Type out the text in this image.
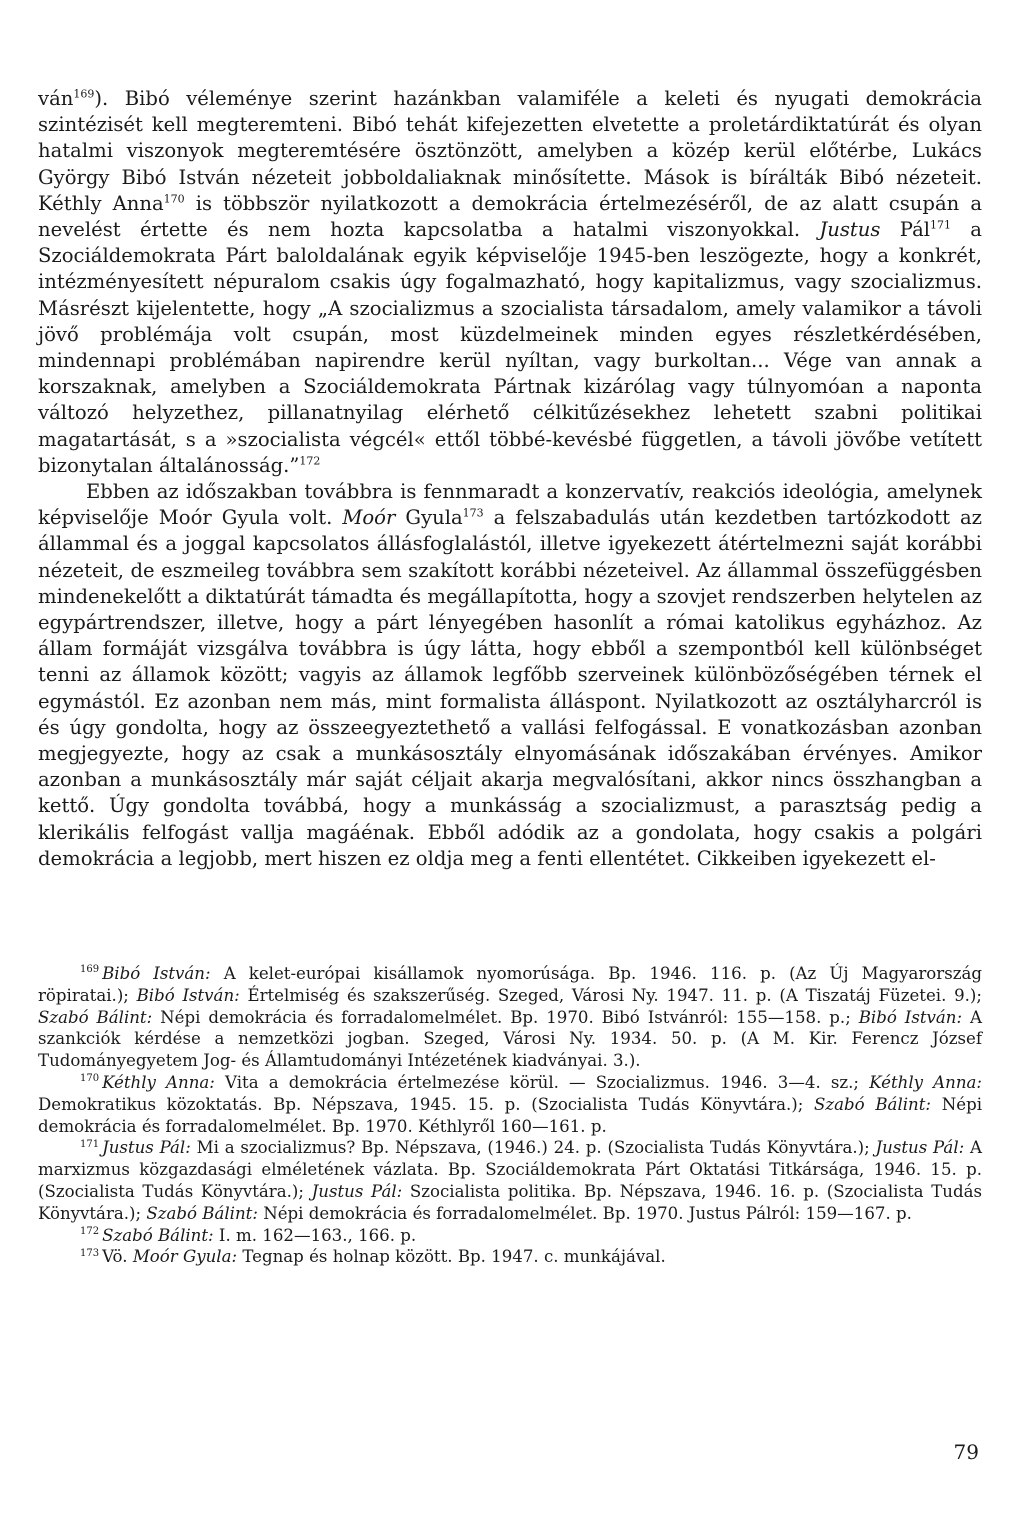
ván$^{169}$). Bibó véleménye szerint hazánkban valamiféle a keleti és nyugati demokrácia szintézisét kell megteremteni. Bibó tehát kifejezetten elvetette a proletárdiktatúrát és olyan hatalmi viszonyok megteremtésére ösztönzött, amelyben a közép kerül előtérbe, Lukács György Bibó István nézeteit jobboldaliaknak minősítette. Mások is bírálták Bibó nézeteit. Kéthly Anna$^{170}$ is többször nyilatkozott a demokrácia értelmezéséről, de az alatt csupán a nevelést értette és nem hozta kapcsolatba a hatalmi viszonyokkal. Justus Pál$^{171}$ a Szociáldemokrata Párt baloldalának egyik képviselője 1945-ben leszögezte, hogy a konkrét, intézményesített népuralom csakis úgy fogalmazható, hogy kapitalizmus, vagy szocializmus. Másrészt kijelentette, hogy „A szocializmus a szocialista társadalom, amely valamikor a távoli jövő problémája volt csupán, most küzdelmeinek minden egyes részletkérdésében, mindennapi problémában napirendre kerül nyíltan, vagy burkoltan... Vége van annak a korszaknak, amelyben a Szociáldemokrata Pártnak kizárólag vagy túlnyomóan a naponta változó helyzethez, pillanatnyilag elérhető célkitűzésekhez lehetett szabni politikai magatartását, s a »szocialista végcél« ettől többé-kevésbé független, a távoli jövőbe vetített bizonytalan általánosság.”$^{172}$

Ebben az időszakban továbbra is fennmaradt a konzervatív, reakciós ideológia, amelynek képviselője Moór Gyula volt. Moór Gyula$^{173}$ a felszabadulás után kezdetben tartózkodott az állammal és a joggal kapcsolatos állásfoglalástól, illetve igyekezett átértelmezni saját korábbi nézeteit, de eszmeileg továbbra sem szakított korábbi nézeteivel. Az állammal összefüggésben mindenekelőtt a diktatúrát támadta és megállapította, hogy a szovjet rendszerben helytelen az egypártrendszer, illetve, hogy a párt lényegében hasonlít a római katolikus egyházhoz. Az állam formáját vizsgálva továbbra is úgy látta, hogy ebből a szempontból kell különbséget tenni az államok között; vagyis az államok legfőbb szerveinek különbözőségében térnek el egymástól. Ez azonban nem más, mint formalista álláspont. Nyilatkozott az osztályharcról is és úgy gondolta, hogy az összeegyeztethető a vallási felfogással. E vonatkozásban azonban megjegyezte, hogy az csak a munkásosztály elnyomásának időszakában érvényes. Amikor azonban a munkásosztály már saját céljait akarja megvalósítani, akkor nincs összhangban a kettő. Úgy gondolta továbbá, hogy a munkásság a szocializmust, a parasztság pedig a klerikális felfogást vallja magáénak. Ebből adódik az a gondolata, hogy csakis a polgári demokrácia a legjobb, mert hiszen ez oldja meg a fenti ellentétet. Cikkeiben igyekezett el-

$^{169}$ Bibó István: A kelet-európai kisállamok nyomorúsága. Bp. 1946. 116. p. (Az Új Magyarország röpiratai.); Bibó István: Értelmiség és szakszerűség. Szeged, Városi Ny. 1947. 11. p. (A Tiszatáj Füzetei. 9.); Szabó Bálint: Népi demokrácia és forradalomelmélet. Bp. 1970. Bibó Istvánról: 155—158. p.; Bibó István: A szankciók kérdése a nemzetközi jogban. Szeged, Városi Ny. 1934. 50. p. (A M. Kir. Ferencz József Tudományegyetem Jog- és Államtudományi Intézetének kiadványai. 3.).

$^{170}$ Kéthly Anna: Vita a demokrácia értelmezése körül. — Szocializmus. 1946. 3—4. sz.; Kéthly Anna: Demokratikus közoktatás. Bp. Népszava, 1945. 15. p. (Szocialista Tudás Könyvtára.); Szabó Bálint: Népi demokrácia és forradalomelmélet. Bp. 1970. Kéthlyről 160—161. p.

$^{171}$ Justus Pál: Mi a szocializmus? Bp. Népszava, (1946.) 24. p. (Szocialista Tudás Könyvtára.); Justus Pál: A marxizmus közgazdasági elméletének vázlata. Bp. Szociáldemokrata Párt Oktatási Titkársága, 1946. 15. p. (Szocialista Tudás Könyvtára.); Justus Pál: Szocialista politika. Bp. Népszava, 1946. 16. p. (Szocialista Tudás Könyvtára.); Szabó Bálint: Népi demokrácia és forradalomelmélet. Bp. 1970. Justus Pálról: 159—167. p.

$^{172}$ Szabó Bálint: I. m. 162—163., 166. p.

$^{173}$ Vö. Moór Gyula: Tegnap és holnap között. Bp. 1947. c. munkájával.

79
